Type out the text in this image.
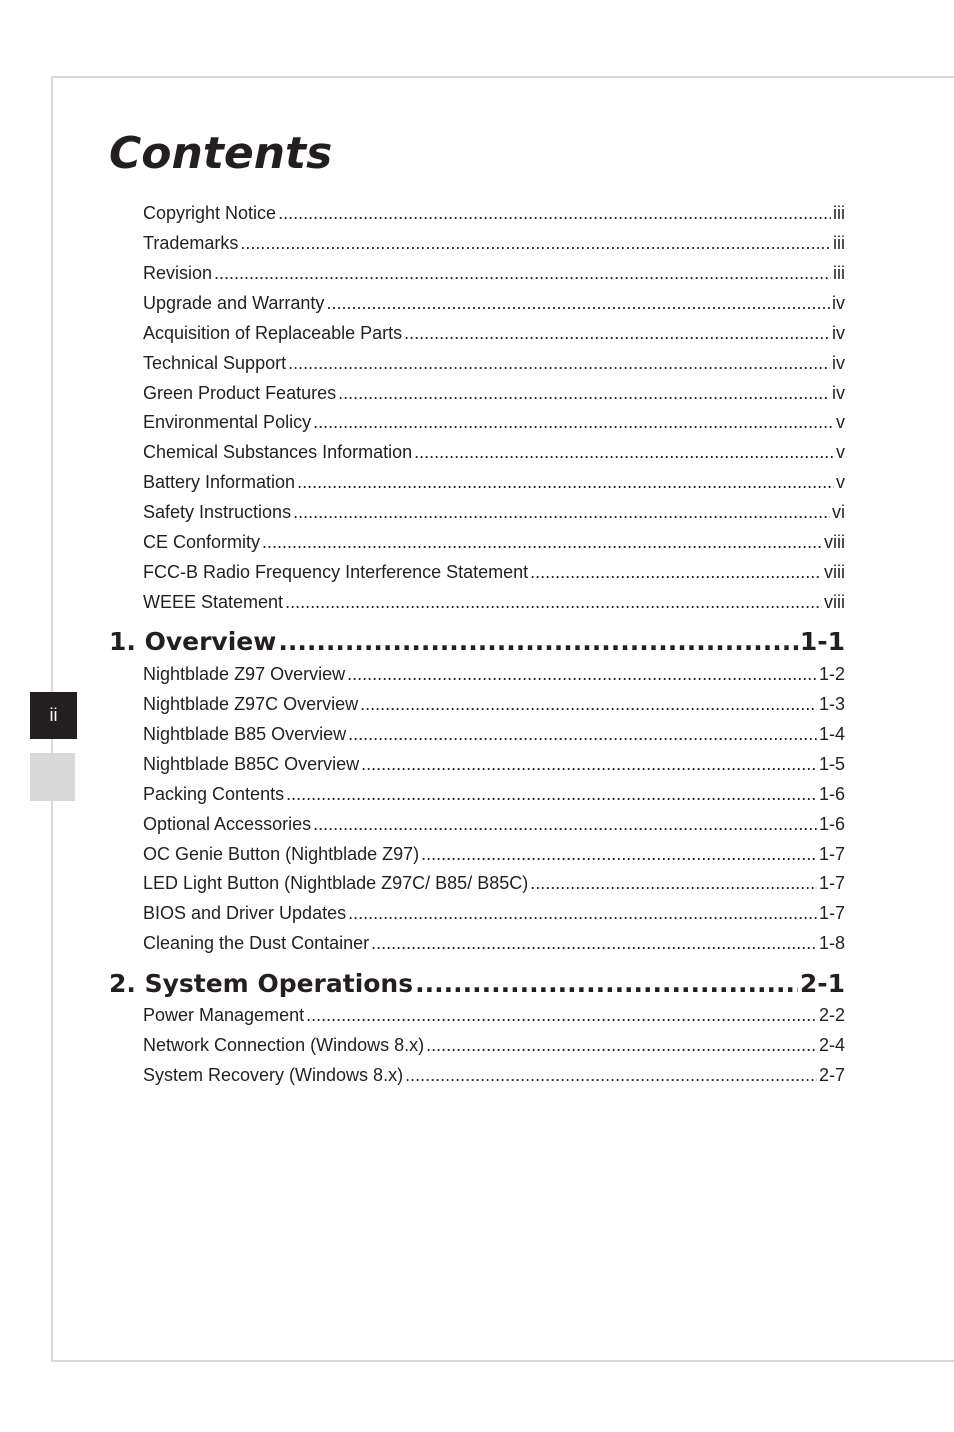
ii
Contents
Copyright Notice .....	iii
Trademarks .....	iii
Revision .....	iii
Upgrade and Warranty .....	iv
Acquisition of Replaceable Parts .....	iv
Technical Support .....	iv
Green Product Features .....	iv
Environmental Policy .....	v
Chemical Substances Information .....	v
Battery Information .....	v
Safety Instructions .....	vi
CE Conformity .....	viii
FCC-B Radio Frequency Interference Statement .....	viii
WEEE Statement .....	viii
1. Overview .....	1-1
Nightblade Z97 Overview .....	1-2
Nightblade Z97C Overview .....	1-3
Nightblade B85 Overview .....	1-4
Nightblade B85C Overview .....	1-5
Packing Contents .....	1-6
Optional Accessories .....	1-6
OC Genie Button (Nightblade Z97) .....	1-7
LED Light Button (Nightblade Z97C/ B85/ B85C) .....	1-7
BIOS and Driver Updates .....	1-7
Cleaning the Dust Container .....	1-8
2. System Operations .....	2-1
Power Management .....	2-2
Network Connection (Windows 8.x) .....	2-4
System Recovery (Windows 8.x) .....	2-7
